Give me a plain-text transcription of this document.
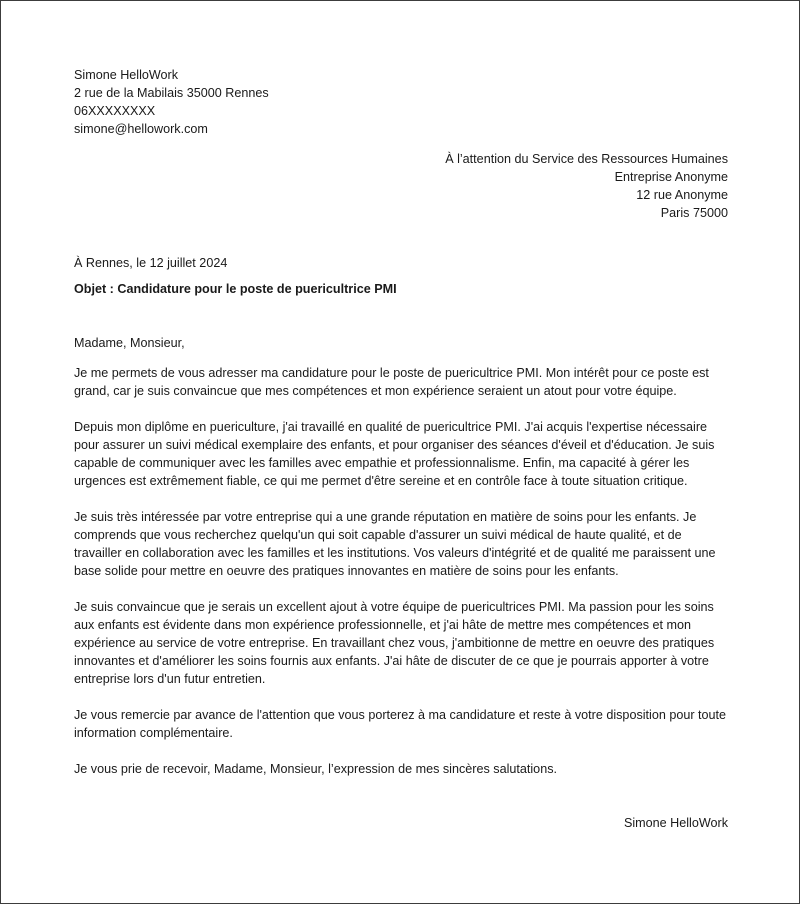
Simone HelloWork
2 rue de la Mabilais 35000 Rennes
06XXXXXXXX
simone@hellowork.com
À l’attention du Service des Ressources Humaines
Entreprise Anonyme
12 rue Anonyme
Paris 75000
À Rennes, le 12 juillet 2024
Objet : Candidature pour le poste de puericultrice PMI
Madame, Monsieur,

Je me permets de vous adresser ma candidature pour le poste de puericultrice PMI. Mon intérêt pour ce poste est grand, car je suis convaincue que mes compétences et mon expérience seraient un atout pour votre équipe.

Depuis mon diplôme en puericulture, j'ai travaillé en qualité de puericultrice PMI. J'ai acquis l'expertise nécessaire pour assurer un suivi médical exemplaire des enfants, et pour organiser des séances d'éveil et d'éducation. Je suis capable de communiquer avec les familles avec empathie et professionnalisme. Enfin, ma capacité à gérer les urgences est extrêmement fiable, ce qui me permet d'être sereine et en contrôle face à toute situation critique.

Je suis très intéressée par votre entreprise qui a une grande réputation en matière de soins pour les enfants. Je comprends que vous recherchez quelqu'un qui soit capable d'assurer un suivi médical de haute qualité, et de travailler en collaboration avec les familles et les institutions. Vos valeurs d'intégrité et de qualité me paraissent une base solide pour mettre en oeuvre des pratiques innovantes en matière de soins pour les enfants.

Je suis convaincue que je serais un excellent ajout à votre équipe de puericultrices PMI. Ma passion pour les soins aux enfants est évidente dans mon expérience professionnelle, et j'ai hâte de mettre mes compétences et mon expérience au service de votre entreprise. En travaillant chez vous, j'ambitionne de mettre en oeuvre des pratiques innovantes et d'améliorer les soins fournis aux enfants. J'ai hâte de discuter de ce que je pourrais apporter à votre entreprise lors d'un futur entretien.

Je vous remercie par avance de l'attention que vous porterez à ma candidature et reste à votre disposition pour toute information complémentaire.

Je vous prie de recevoir, Madame, Monsieur, l’expression de mes sincères salutations.

Simone HelloWork
